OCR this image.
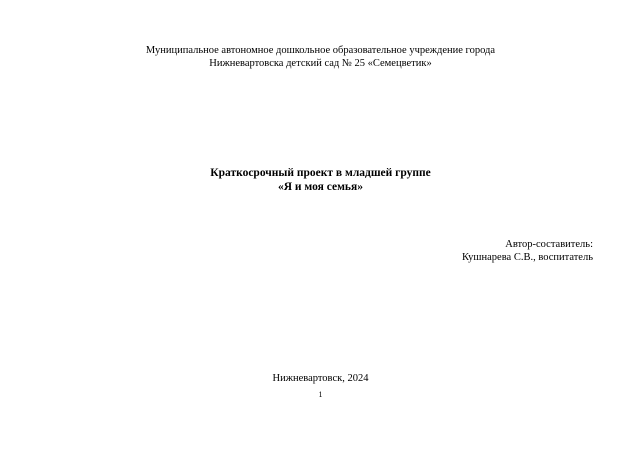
Муниципальное автономное дошкольное образовательное учреждение города
Нижневартовска детский сад № 25 «Семецветик»
Краткосрочный проект в младшей группе
«Я и моя семья»
Автор-составитель:
Кушнарева С.В., воспитатель
Нижневартовск, 2024
1
